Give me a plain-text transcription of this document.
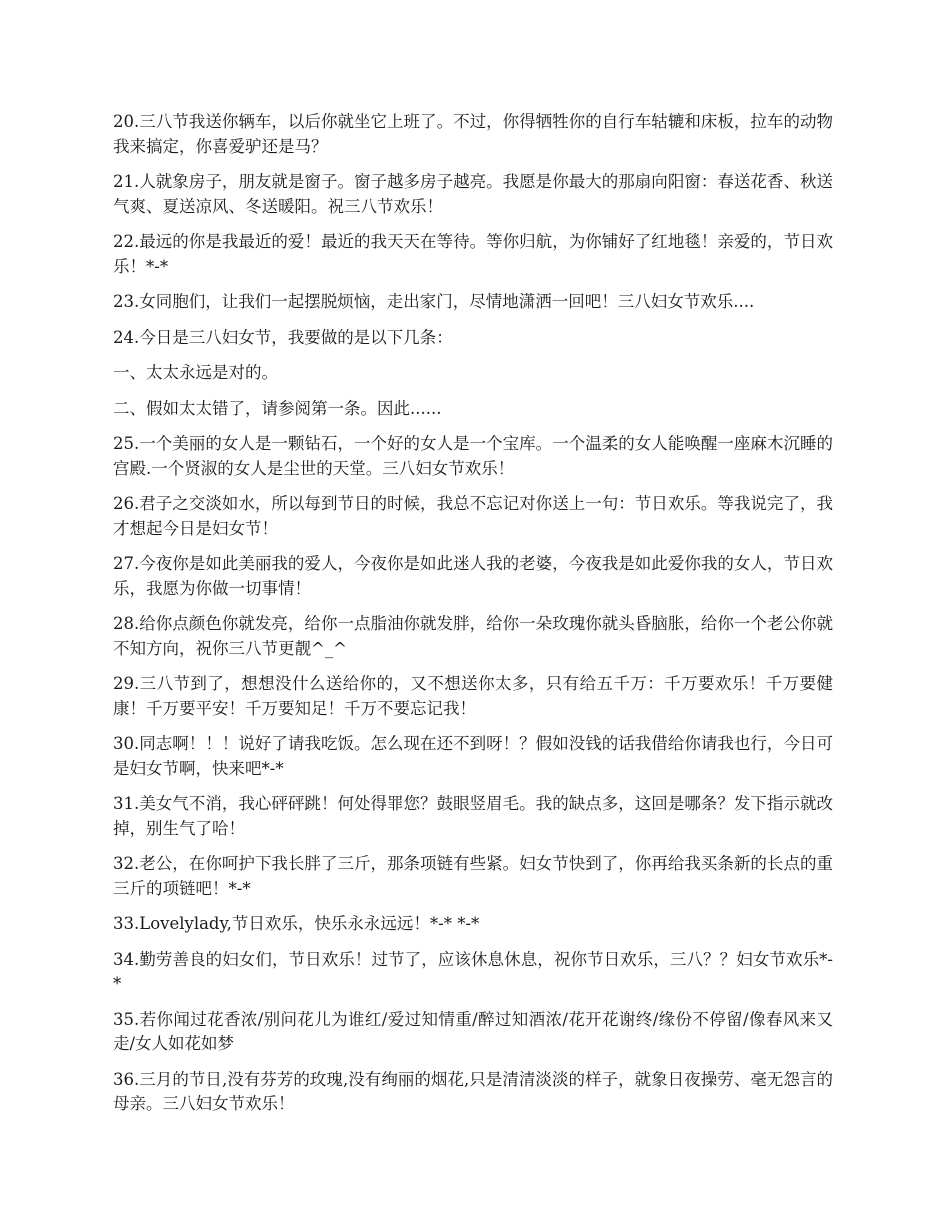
20.三八节我送你辆车，以后你就坐它上班了。不过，你得牺牲你的自行车轱辘和床板，拉车的动物我来搞定，你喜爱驴还是马？

21.人就象房子，朋友就是窗子。窗子越多房子越亮。我愿是你最大的那扇向阳窗：春送花香、秋送气爽、夏送凉风、冬送暖阳。祝三八节欢乐！

22.最远的你是我最近的爱！最近的我天天在等待。等你归航，为你铺好了红地毯！亲爱的，节日欢乐！*-*

23.女同胞们，让我们一起摆脱烦恼，走出家门，尽情地潇洒一回吧！三八妇女节欢乐....

24.今日是三八妇女节，我要做的是以下几条：

一、太太永远是对的。

二、假如太太错了，请参阅第一条。因此......

25.一个美丽的女人是一颗钻石，一个好的女人是一个宝库。一个温柔的女人能唤醒一座麻木沉睡的宫殿.一个贤淑的女人是尘世的天堂。三八妇女节欢乐！

26.君子之交淡如水，所以每到节日的时候，我总不忘记对你送上一句：节日欢乐。等我说完了，我才想起今日是妇女节！

27.今夜你是如此美丽我的爱人，今夜你是如此迷人我的老婆，今夜我是如此爱你我的女人，节日欢乐，我愿为你做一切事情！

28.给你点颜色你就发亮，给你一点脂油你就发胖，给你一朵玫瑰你就头昏脑胀，给你一个老公你就不知方向，祝你三八节更靓^_^

29.三八节到了，想想没什么送给你的，又不想送你太多，只有给五千万：千万要欢乐！千万要健康！千万要平安！千万要知足！千万不要忘记我！

30.同志啊！！！说好了请我吃饭。怎么现在还不到呀！？假如没钱的话我借给你请我也行，今日可是妇女节啊，快来吧*-*

31.美女气不消，我心砰砰跳！何处得罪您？鼓眼竖眉毛。我的缺点多，这回是哪条？发下指示就改掉，别生气了哈！

32.老公，在你呵护下我长胖了三斤，那条项链有些紧。妇女节快到了，你再给我买条新的长点的重三斤的项链吧！*-*

33.Lovelylady,节日欢乐，快乐永永远远！*-* *-*

34.勤劳善良的妇女们，节日欢乐！过节了，应该休息休息，祝你节日欢乐，三八？？妇女节欢乐*-*

35.若你闻过花香浓/别问花儿为谁红/爱过知情重/醉过知酒浓/花开花谢终/缘份不停留/像春风来又走/女人如花如梦

36.三月的节日,没有芬芳的玫瑰,没有绚丽的烟花,只是清清淡淡的样子，就象日夜操劳、毫无怨言的母亲。三八妇女节欢乐！
